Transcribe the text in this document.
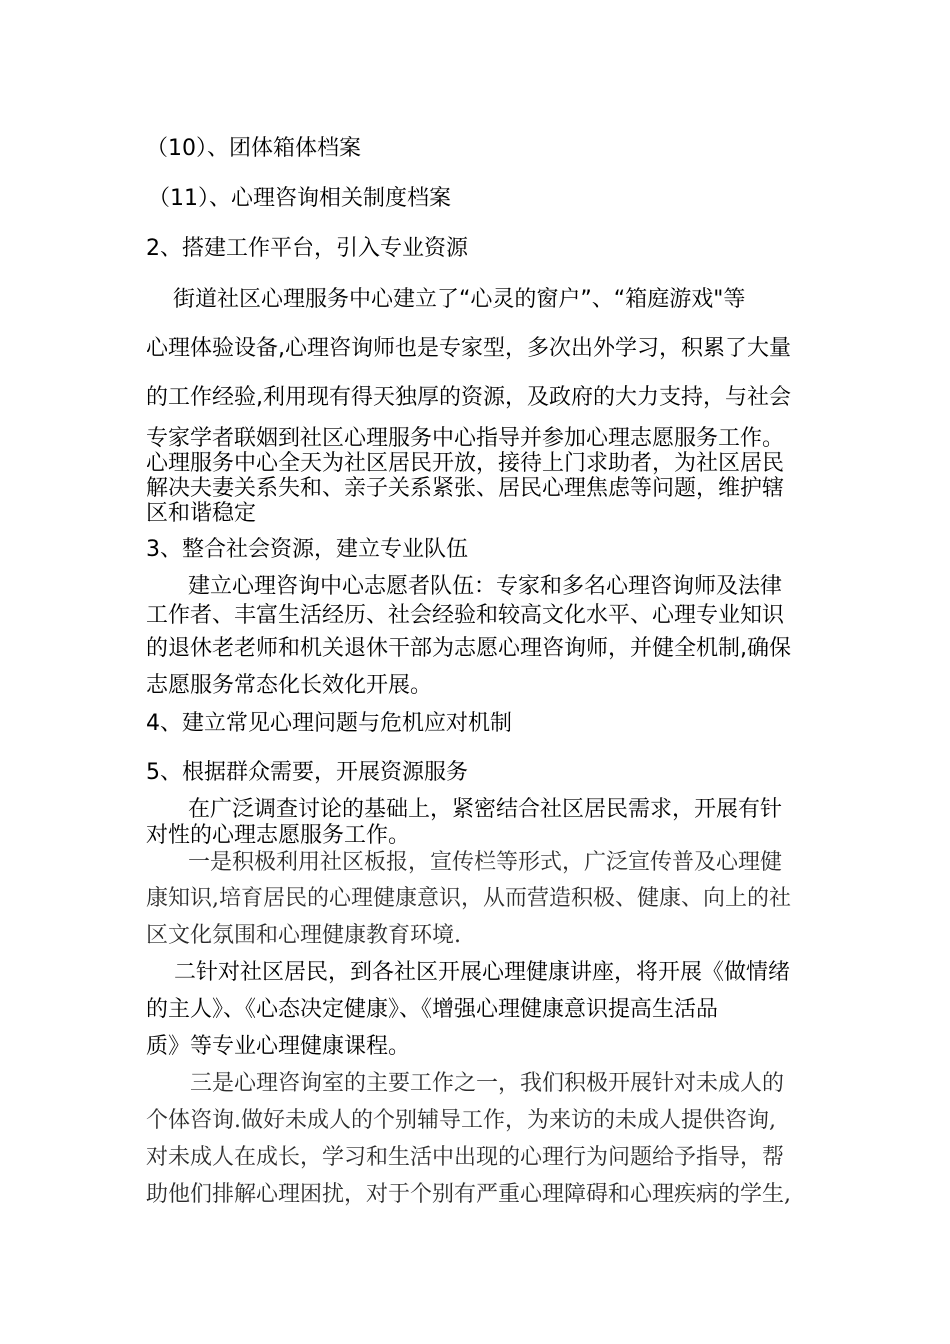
（10）、团体箱体档案

（11）、心理咨询相关制度档案

2、搭建工作平台，引入专业资源

街道社区心理服务中心建立了“心灵的窗户”、“箱庭游戏"等

心理体验设备,心理咨询师也是专家型，多次出外学习，积累了大量

的工作经验,利用现有得天独厚的资源，及政府的大力支持，与社会

专家学者联姻到社区心理服务中心指导并参加心理志愿服务工作。

心理服务中心全天为社区居民开放，接待上门求助者，为社区居民

解决夫妻关系失和、亲子关系紧张、居民心理焦虑等问题，维护辖

区和谐稳定

3、整合社会资源，建立专业队伍

建立心理咨询中心志愿者队伍：专家和多名心理咨询师及法律

工作者、丰富生活经历、社会经验和较高文化水平、心理专业知识

的退休老老师和机关退休干部为志愿心理咨询师，并健全机制,确保

志愿服务常态化长效化开展。

4、建立常见心理问题与危机应对机制

5、根据群众需要，开展资源服务

在广泛调查讨论的基础上，紧密结合社区居民需求，开展有针

对性的心理志愿服务工作。

一是积极利用社区板报，宣传栏等形式，广泛宣传普及心理健

康知识,培育居民的心理健康意识，从而营造积极、健康、向上的社

区文化氛围和心理健康教育环境.

二针对社区居民，到各社区开展心理健康讲座，将开展《做情绪

的主人》、《心态决定健康》、《增强心理健康意识提高生活品

质》等专业心理健康课程。

三是心理咨询室的主要工作之一，我们积极开展针对未成人的

个体咨询.做好未成人的个别辅导工作，为来访的未成人提供咨询,

对未成人在成长，学习和生活中出现的心理行为问题给予指导，帮

助他们排解心理困扰，对于个别有严重心理障碍和心理疾病的学生,
